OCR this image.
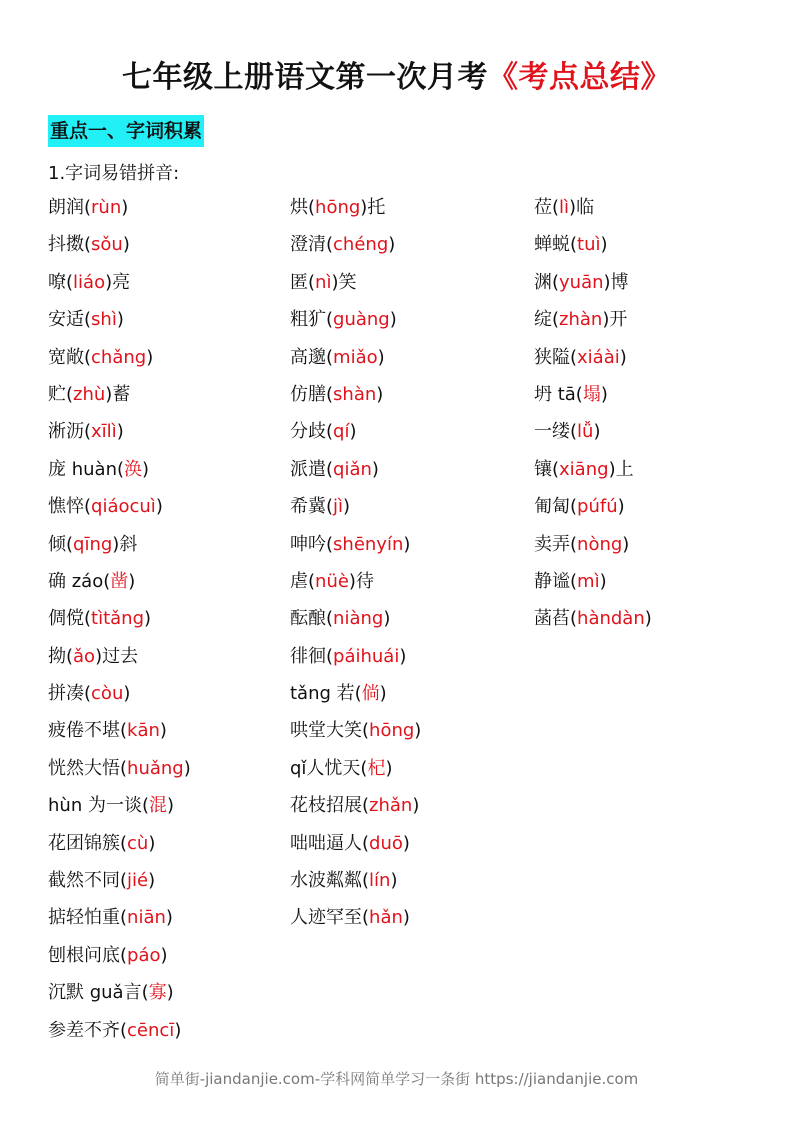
七年级上册语文第一次月考《考点总结》
重点一、字词积累
1.字词易错拼音:
朗润(rùn)
抖擞(sǒu)
嘹(liáo)亮
安适(shì)
宽敞(chǎng)
贮(zhù)蓄
淅沥(xīlì)
庞 huàn(涣)
憔悴(qiáocuì)
倾(qīng)斜
确 záo(凿)
倜傥(tìtǎng)
拗(ǎo)过去
拼凑(còu)
疲倦不堪(kān)
恍然大悟(huǎng)
hùn 为一谈(混)
花团锦簇(cù)
截然不同(jié)
掂轻怕重(niān)
刨根问底(páo)
沉默 guǎ言(寡)
参差不齐(cēncī)
烘(hōng)托
澄清(chéng)
匿(nì)笑
粗犷(guàng)
高邈(miǎo)
仿膳(shàn)
分歧(qí)
派遣(qiǎn)
希冀(jì)
呻吟(shēnyín)
虐(nüè)待
酝酿(niàng)
徘徊(páihuái)
tǎng 若(倘)
哄堂大笑(hōng)
qǐ人忧天(杞)
花枝招展(zhǎn)
咄咄逼人(duō)
水波粼粼(lín)
人迹罕至(hǎn)
莅(lì)临
蝉蜕(tuì)
渊(yuān)博
绽(zhàn)开
狭隘(xiáài)
坍 tā(塌)
一缕(lǚ)
镶(xiāng)上
匍匐(púfú)
卖弄(nòng)
静谧(mì)
菡萏(hàndàn)
简单街-jiandanjie.com-学科网简单学习一条街 https://jiandanjie.com
